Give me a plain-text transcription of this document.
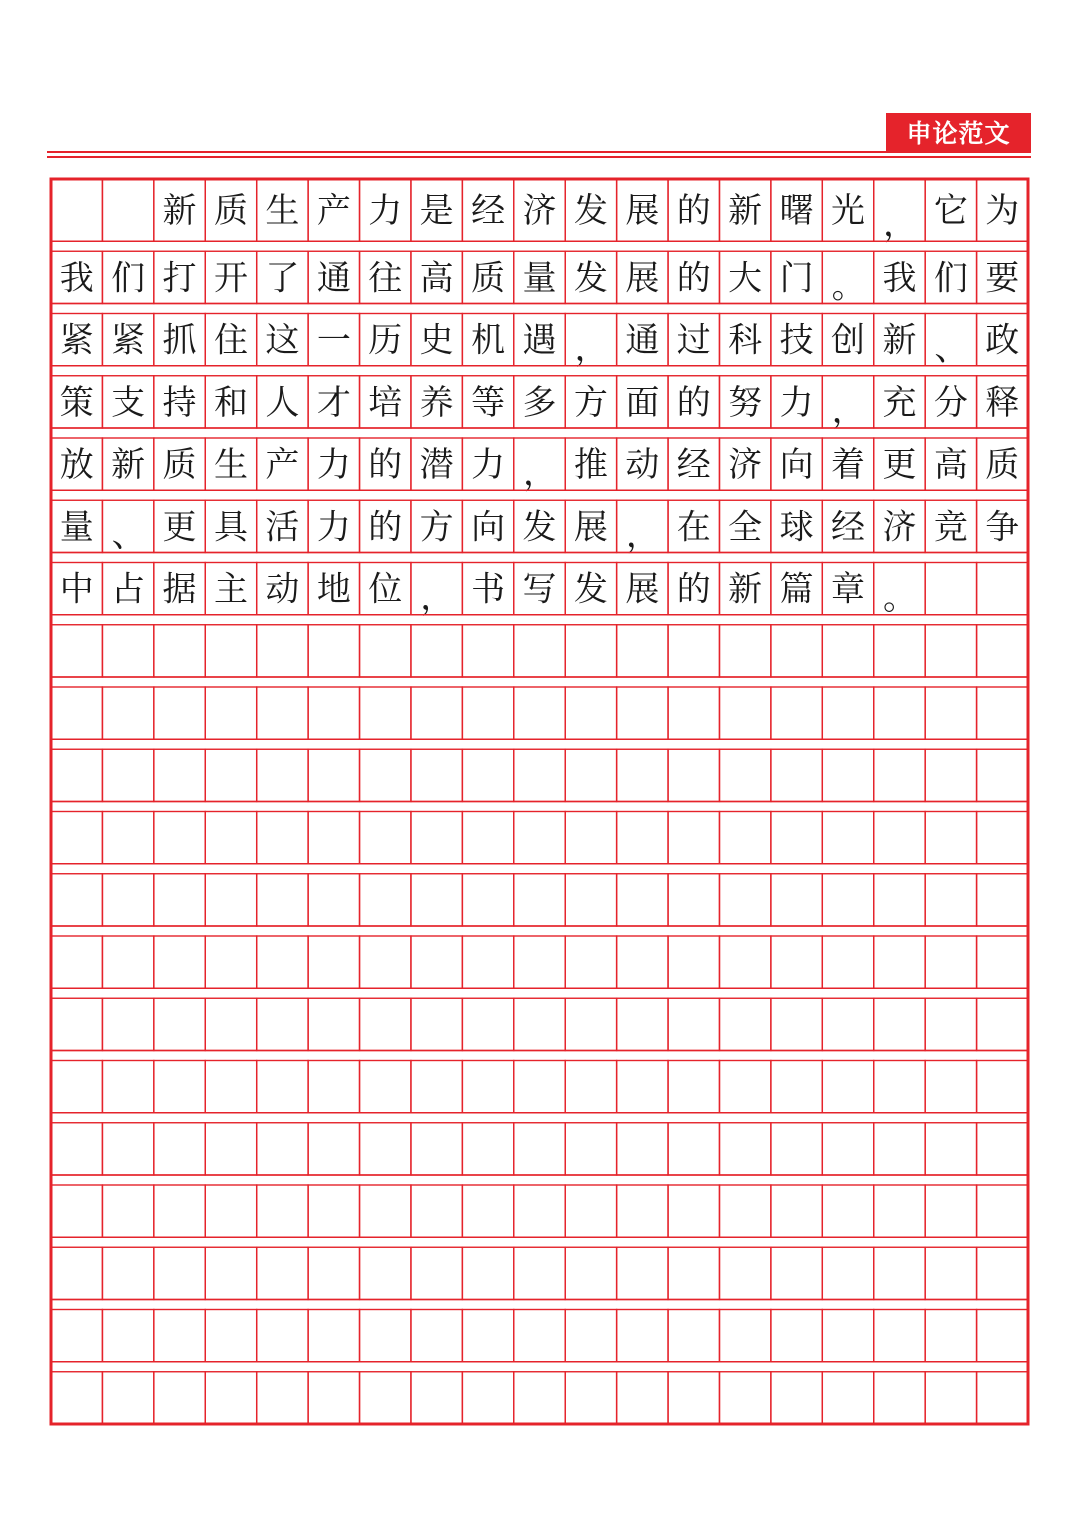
申论范文
新 质 生 产 力 是 经 济 发 展 的 新 曙 光 ， 它 为
我 们 打 开 了 通 往 高 质 量 发 展 的 大 门 。 我 们 要
紧 紧 抓 住 这 一 历 史 机 遇 ， 通 过 科 技 创 新 、 政
策 支 持 和 人 才 培 养 等 多 方 面 的 努 力 ， 充 分 释
放 新 质 生 产 力 的 潜 力 ， 推 动 经 济 向 着 更 高 质
量 、 更 具 活 力 的 方 向 发 展 ， 在 全 球 经 济 竞 争
中 占 据 主 动 地 位 ， 书 写 发 展 的 新 篇 章 。
